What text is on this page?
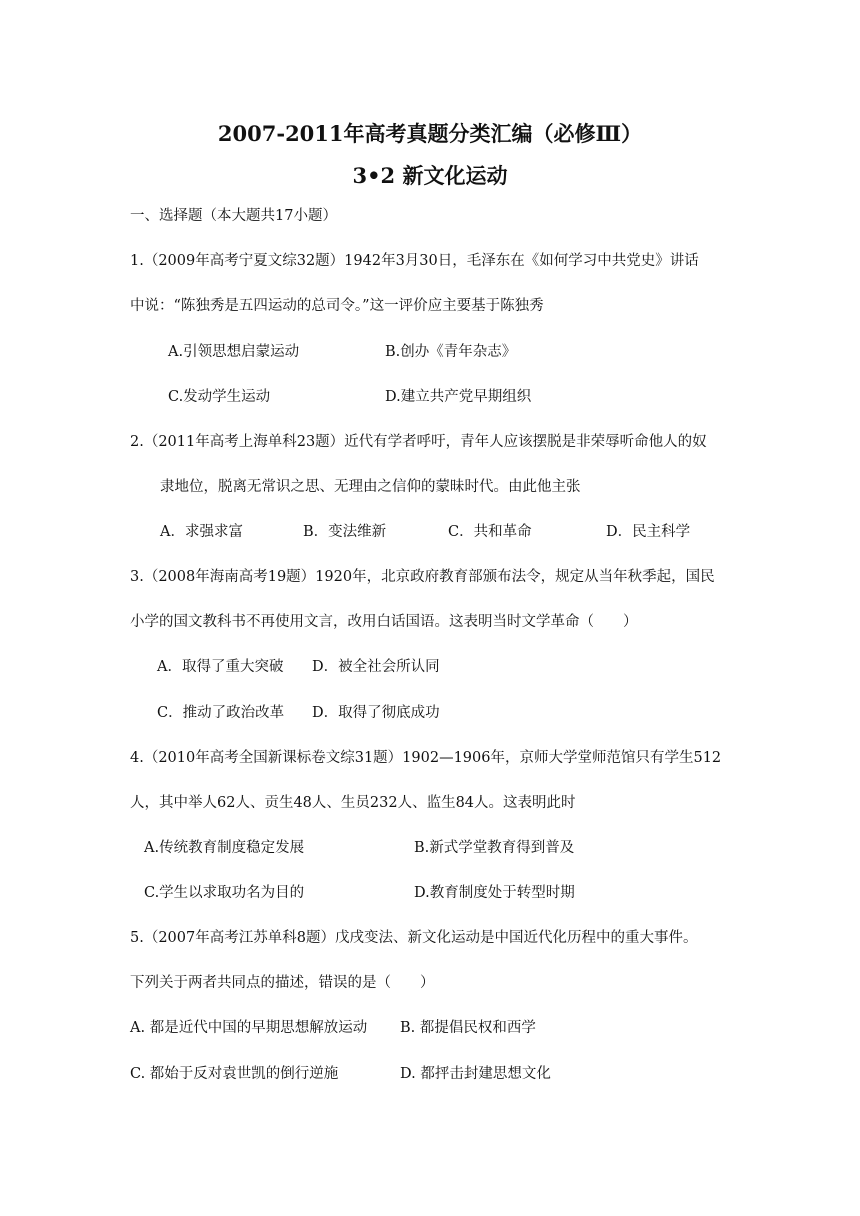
2007-2011年高考真题分类汇编（必修Ⅲ）
3•2 新文化运动
一、选择题（本大题共17小题）
1.（2009年高考宁夏文综32题）1942年3月30日，毛泽东在《如何学习中共党史》讲话
中说：“陈独秀是五四运动的总司令。”这一评价应主要基于陈独秀
A.引领思想启蒙运动	B.创办《青年杂志》
C.发动学生运动	D.建立共产党早期组织
2.（2011年高考上海单科23题）近代有学者呼吁，青年人应该摆脱是非荣辱听命他人的奴
隶地位，脱离无常识之思、无理由之信仰的蒙昧时代。由此他主张
A．求强求富	B．变法维新	C．共和革命	D．民主科学
3.（2008年海南高考19题）1920年，北京政府教育部颁布法令，规定从当年秋季起，国民
小学的国文教科书不再使用文言，改用白话国语。这表明当时文学革命（　　）
A．取得了重大突破 D．被全社会所认同
C．推动了政治改革 D．取得了彻底成功
4.（2010年高考全国新课标卷文综31题）1902—1906年，京师大学堂师范馆只有学生512
人，其中举人62人、贡生48人、生员232人、监生84人。这表明此时
A.传统教育制度稳定发展	B.新式学堂教育得到普及
C.学生以求取功名为目的	D.教育制度处于转型时期
5.（2007年高考江苏单科8题）戊戌变法、新文化运动是中国近代化历程中的重大事件。
下列关于两者共同点的描述，错误的是（　　）
A. 都是近代中国的早期思想解放运动 B. 都提倡民权和西学
C. 都始于反对袁世凯的倒行逆施	D. 都抨击封建思想文化
